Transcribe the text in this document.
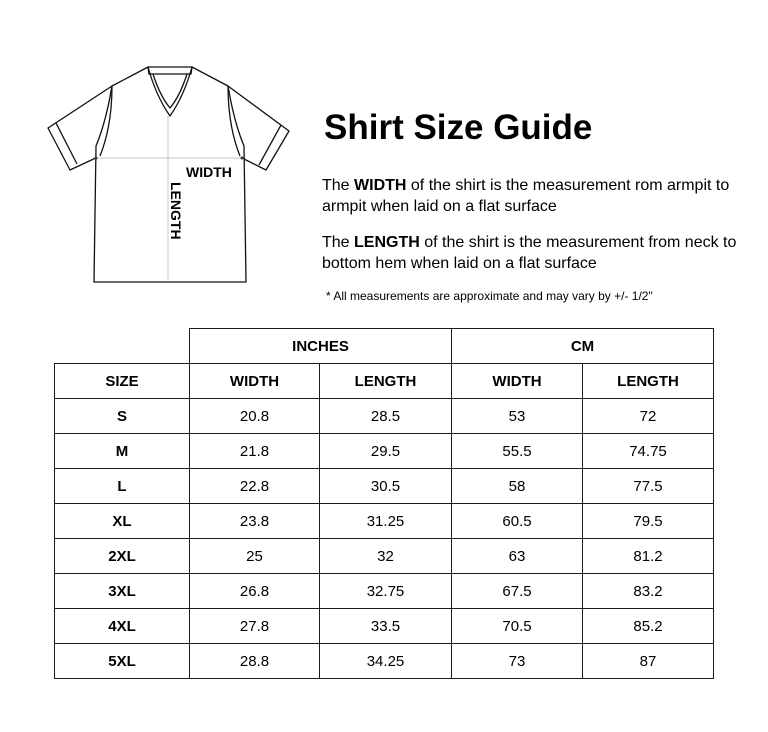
WIDTH
LENGTH
Shirt Size Guide
The WIDTH of the shirt is the measurement rom armpit to armpit when laid on a flat surface
The LENGTH of the shirt is the measurement from neck to bottom hem when laid on a flat surface
* All measurements are approximate and may vary by +/- 1/2"
	INCHES		CM	
SIZE	WIDTH	LENGTH	WIDTH	LENGTH
S	20.8	28.5	53	72
M	21.8	29.5	55.5	74.75
L	22.8	30.5	58	77.5
XL	23.8	31.25	60.5	79.5
2XL	25	32	63	81.2
3XL	26.8	32.75	67.5	83.2
4XL	27.8	33.5	70.5	85.2
5XL	28.8	34.25	73	87
